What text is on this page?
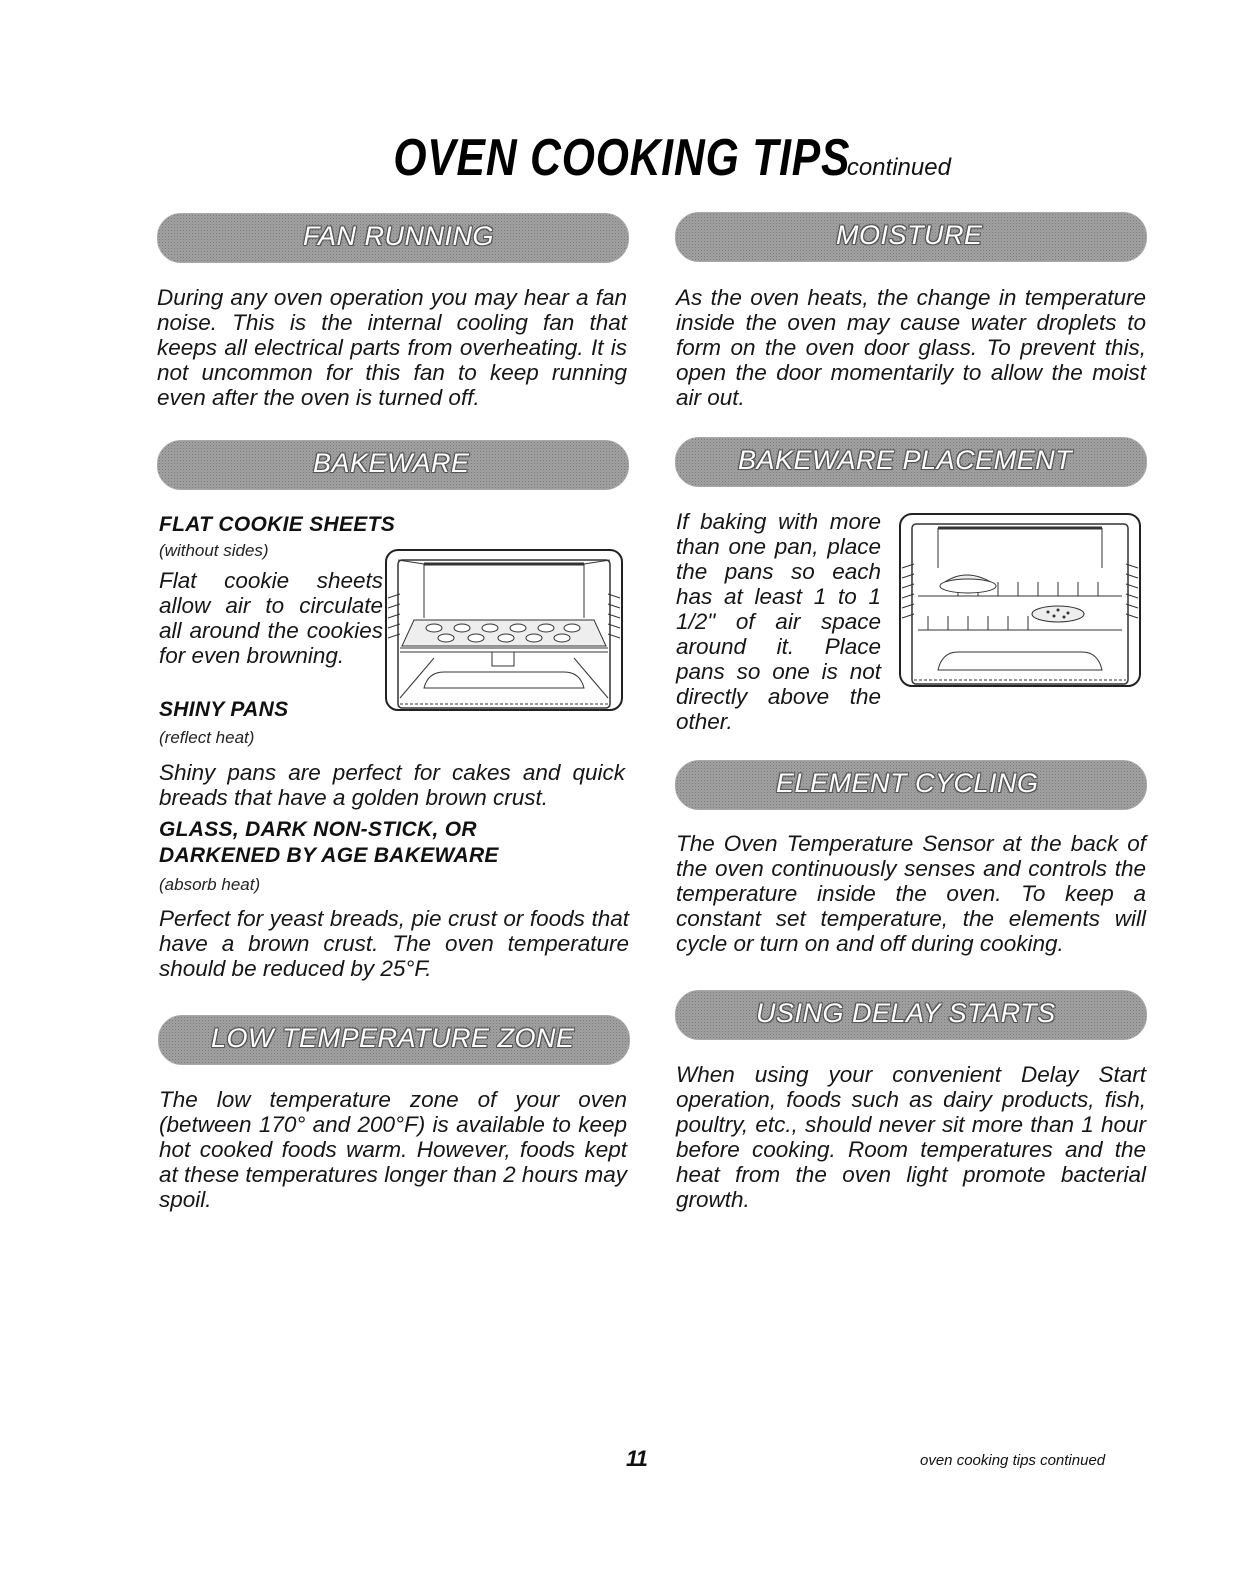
OVEN COOKING TIPS continued
FAN RUNNING

During any oven operation you may hear a fan noise. This is the internal cooling fan that keeps all electrical parts from overheating. It is not uncommon for this fan to keep running even after the oven is turned off.

MOISTURE

As the oven heats, the change in temperature inside the oven may cause water droplets to form on the oven door glass. To prevent this, open the door momentarily to allow the moist air out.

BAKEWARE

FLAT COOKIE SHEETS

(without sides)

Flat cookie sheets allow air to circulate all around the cookies for even browning.

SHINY PANS

(reflect heat)

Shiny pans are perfect for cakes and quick breads that have a golden brown crust.

GLASS, DARK NON-STICK, OR

DARKENED BY AGE BAKEWARE

(absorb heat)

Perfect for yeast breads, pie crust or foods that have a brown crust. The oven temperature should be reduced by 25°F.

BAKEWARE PLACEMENT

If baking with more than one pan, place the pans so each has at least 1 to 1 1/2" of air space around it. Place pans so one is not directly above the other.

ELEMENT CYCLING

The Oven Temperature Sensor at the back of the oven continuously senses and controls the temperature inside the oven. To keep a constant set temperature, the elements will cycle or turn on and off during cooking.

LOW TEMPERATURE ZONE

The low temperature zone of your oven (between 170° and 200°F) is available to keep hot cooked foods warm. However, foods kept at these temperatures longer than 2 hours may spoil.

USING DELAY STARTS

When using your convenient Delay Start operation, foods such as dairy products, fish, poultry, etc., should never sit more than 1 hour before cooking. Room temperatures and the heat from the oven light promote bacterial growth.

11	oven cooking tips continued
